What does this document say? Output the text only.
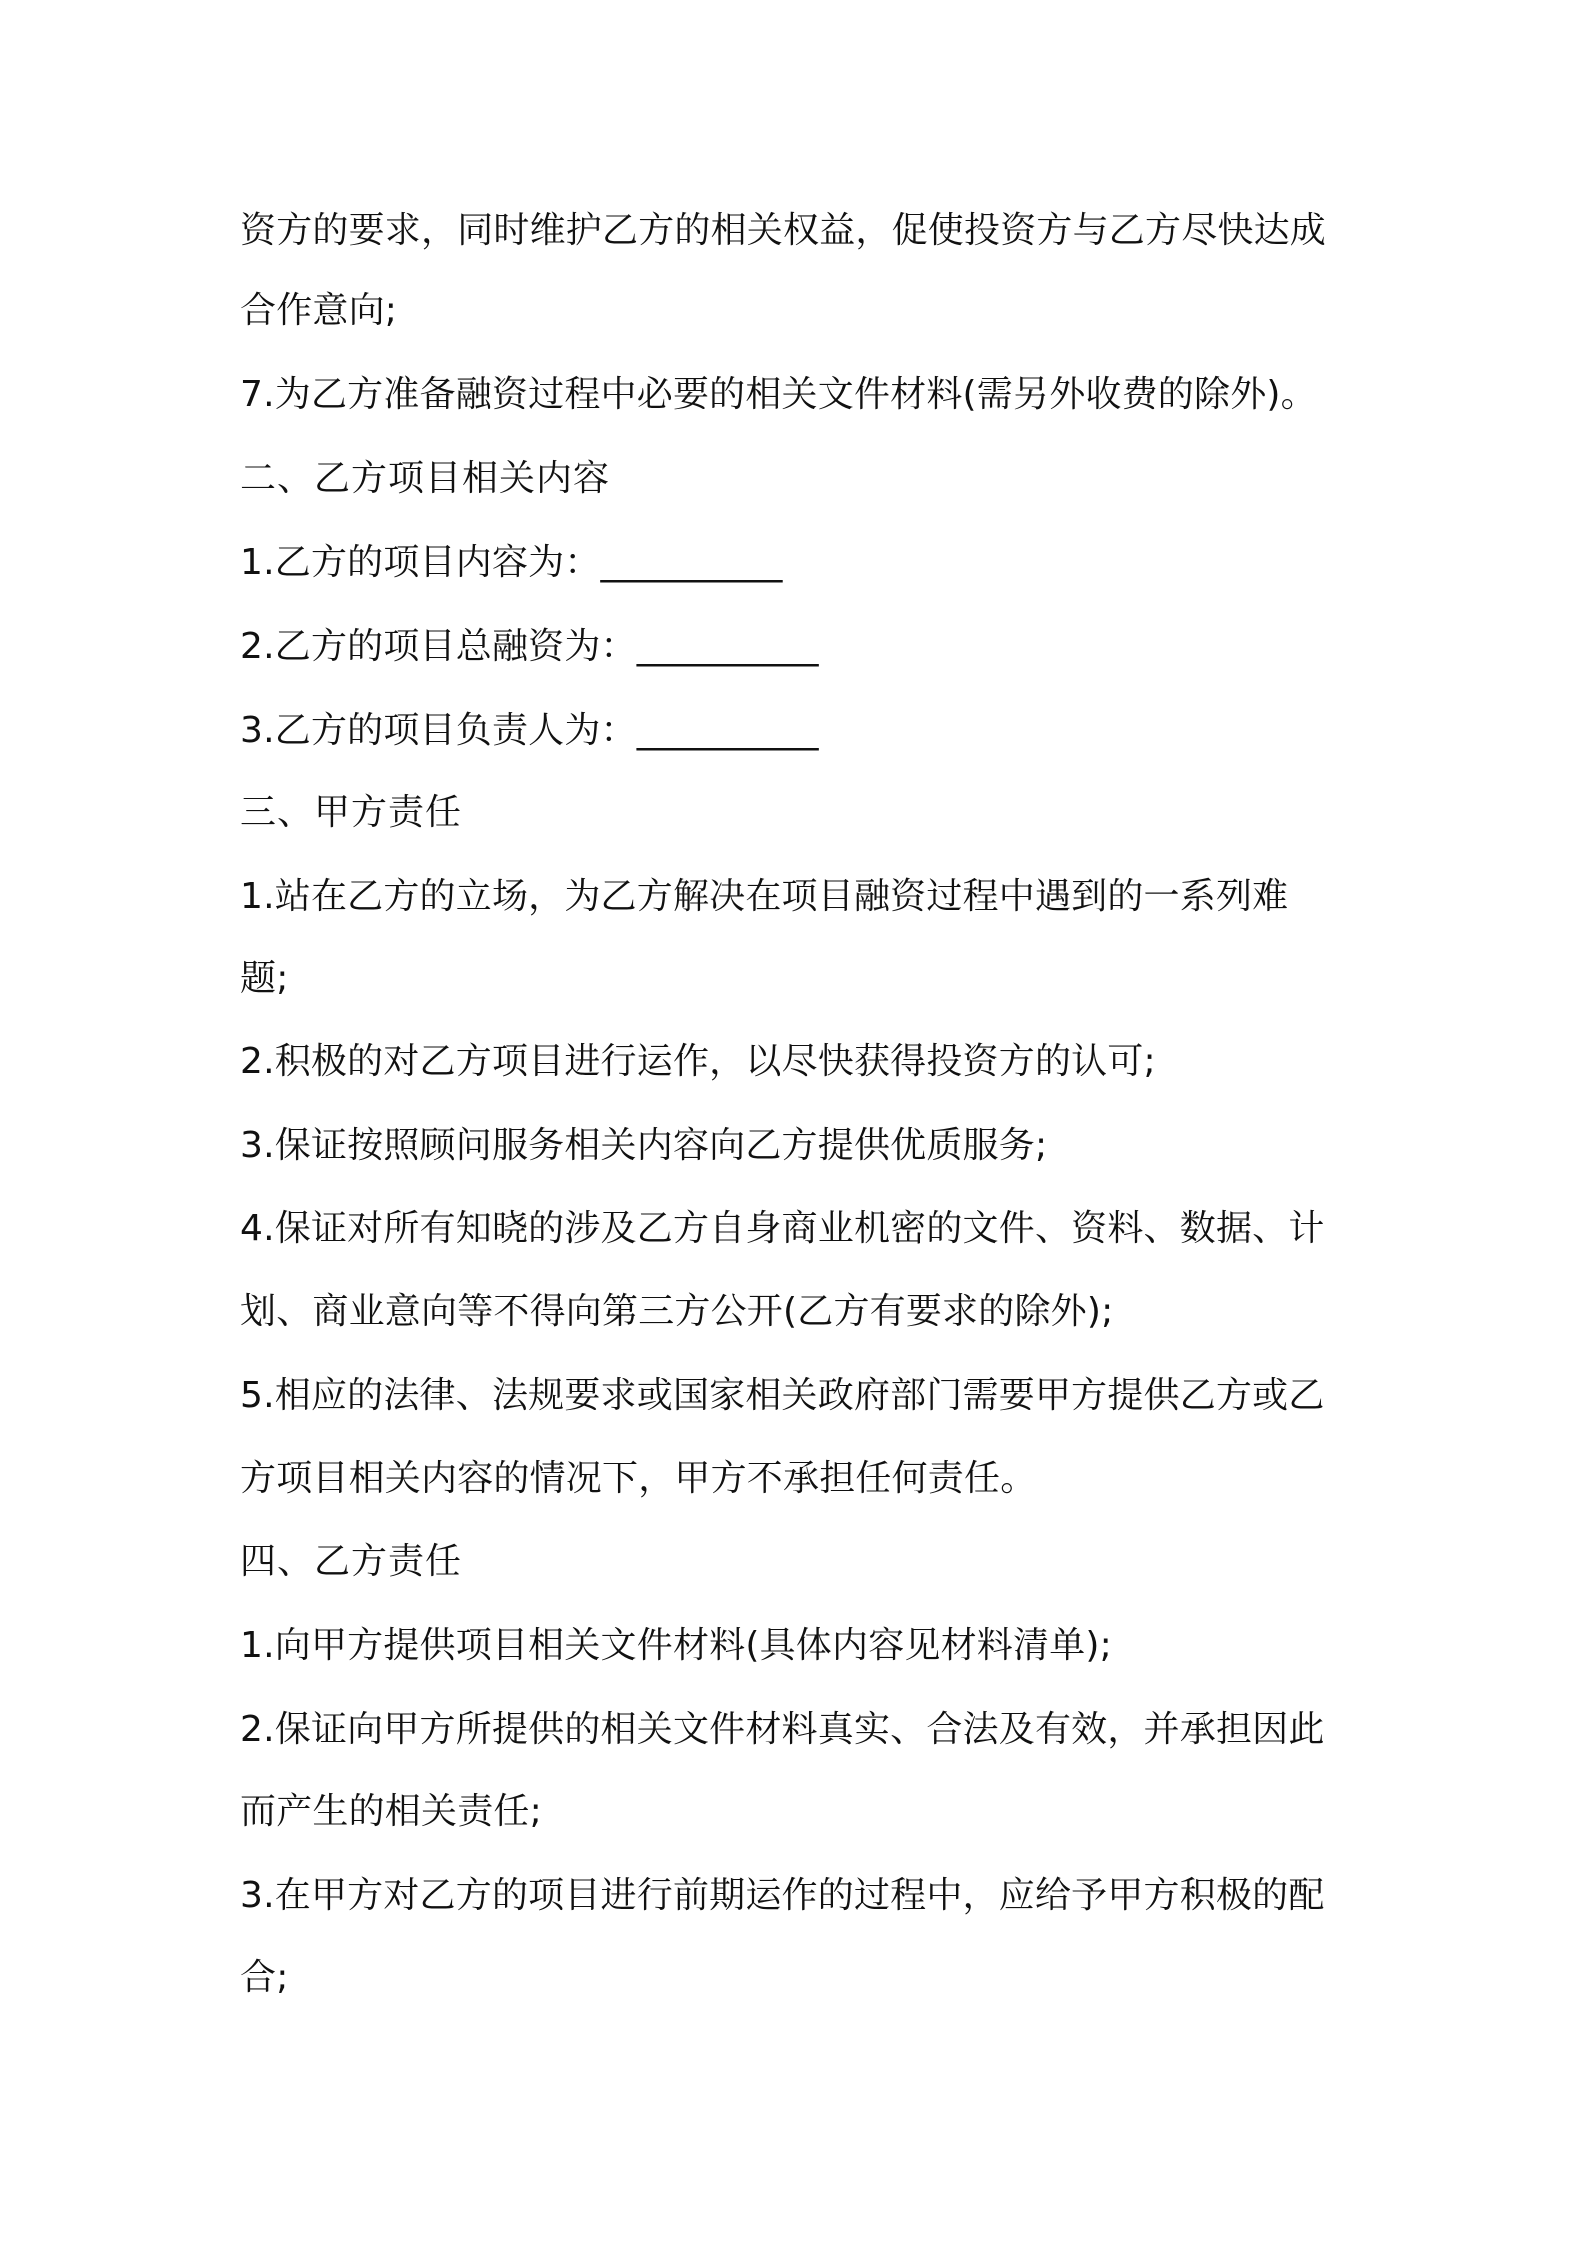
资方的要求，同时维护乙方的相关权益，促使投资方与乙方尽快达成
合作意向;
7.为乙方准备融资过程中必要的相关文件材料(需另外收费的除外)。
二、乙方项目相关内容
1.乙方的项目内容为：__________
2.乙方的项目总融资为：__________
3.乙方的项目负责人为：__________
三、甲方责任
1.站在乙方的立场，为乙方解决在项目融资过程中遇到的一系列难
题;
2.积极的对乙方项目进行运作，以尽快获得投资方的认可;
3.保证按照顾问服务相关内容向乙方提供优质服务;
4.保证对所有知晓的涉及乙方自身商业机密的文件、资料、数据、计
划、商业意向等不得向第三方公开(乙方有要求的除外);
5.相应的法律、法规要求或国家相关政府部门需要甲方提供乙方或乙
方项目相关内容的情况下，甲方不承担任何责任。
四、乙方责任
1.向甲方提供项目相关文件材料(具体内容见材料清单);
2.保证向甲方所提供的相关文件材料真实、合法及有效，并承担因此
而产生的相关责任;
3.在甲方对乙方的项目进行前期运作的过程中，应给予甲方积极的配
合;
